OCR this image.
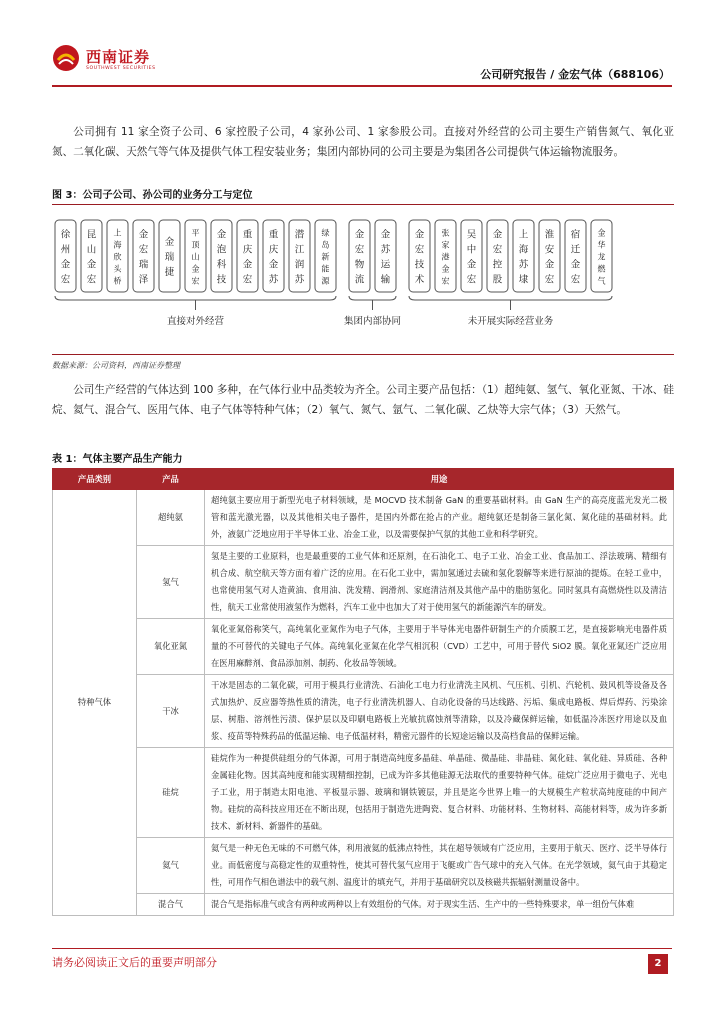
西南证券
SOUTHWEST SECURITIES	公司研究报告 / 金宏气体（688106）

公司拥有 11 家全资子公司、6 家控股子公司，4 家孙公司、1 家参股公司。直接对外经营的公司主要生产销售氮气、氧化亚氮、二氧化碳、天然气等气体及提供气体工程安装业务；集团内部协同的公司主要是为集团各公司提供气体运输物流服务。

图 3：公司子公司、孙公司的业务分工与定位
徐州金宏
昆山金宏
上海欣头桥
金宏瑞泽
金瑞捷
平顶山金宏
金泡科技
重庆金宏
重庆金苏
潜江润苏
绿岛新能源
直接对外经营
金宏物流
金苏运输
集团内部协同
金宏技术
张家港金宏
吴中金宏
金宏控股
上海苏埭
淮安金宏
宿迁金宏
金华龙燃气
未开展实际经营业务
数据来源：公司资料，西南证券整理

公司生产经营的气体达到 100 多种，在气体行业中品类较为齐全。公司主要产品包括：（1）超纯氨、氢气、氧化亚氮、干冰、硅烷、氦气、混合气、医用气体、电子气体等特种气体；（2）氧气、氮气、氩气、二氧化碳、乙炔等大宗气体；（3）天然气。

表 1：气体主要产品生产能力
产品类别	产品	用途
特种气体	超纯氨	超纯氨主要应用于新型光电子材料领域，是 MOCVD 技术制备 GaN 的重要基础材料。由 GaN 生产的高亮度蓝光发光二极管和蓝光激光器，以及其他相关电子器件，是国内外都在抢占的产业。超纯氨还是制备三氯化氮、氮化硅的基础材料。此外，液氨广泛地应用于半导体工业、冶金工业，以及需要保护气氛的其他工业和科学研究。
	氢气	氢是主要的工业原料，也是最重要的工业气体和还原剂，在石油化工、电子工业、冶金工业、食品加工、浮法玻璃、精细有机合成、航空航天等方面有着广泛的应用。在石化工业中，需加氢通过去硫和氢化裂解等来进行原油的提炼。在轻工业中，也常使用氢气对人造黄油、食用油、洗发精、润滑剂、家庭清洁剂及其他产品中的脂肪氢化。同时氢具有高燃烧性以及清洁性，航天工业常使用液氢作为燃料，汽车工业中也加大了对于使用氢气的新能源汽车的研发。
	氧化亚氮	氧化亚氮俗称笑气，高纯氧化亚氮作为电子气体，主要用于半导体光电器件研制生产的介质膜工艺，是直接影响光电器件质量的不可替代的关键电子气体。高纯氧化亚氮在化学气相沉积（CVD）工艺中，可用于替代 SiO2 膜。氧化亚氮还广泛应用在医用麻醉剂、食品添加剂、制药、化妆品等领域。
	干冰	干冰是固态的二氧化碳，可用于模具行业清洗、石油化工电力行业清洗主风机、气压机、引机、汽轮机、鼓风机等设备及各式加热炉、反应器等热性质的清洗，电子行业清洗机器人、自动化设备的马达线路、污垢、集成电路板、焊后焊药、污染涂层、树脂、溶剂性污渍、保护层以及印刷电路板上光敏抗腐蚀剂等清除，以及冷藏保鲜运输，如低温冷冻医疗用途以及血浆、疫苗等特殊药品的低温运输、电子低温材料，精密元器件的长短途运输以及高档食品的保鲜运输。
	硅烷	硅烷作为一种提供硅组分的气体源，可用于制造高纯度多晶硅、单晶硅、微晶硅、非晶硅、氮化硅、氧化硅、异质硅、各种金属硅化物。因其高纯度和能实现精细控制，已成为许多其他硅源无法取代的重要特种气体。硅烷广泛应用于微电子、光电子工业，用于制造太阳电池、平板显示器、玻璃和钢铁镀层，并且是迄今世界上唯一的大规模生产粒状高纯度硅的中间产物。硅烷的高科技应用还在不断出现，包括用于制造先进陶瓷、复合材料、功能材料、生物材料、高能材料等，成为许多新技术、新材料、新器件的基础。
	氦气	氦气是一种无色无味的不可燃气体，利用液氦的低沸点特性，其在超导领域有广泛应用，主要用于航天、医疗、泛半导体行业。而低密度与高稳定性的双重特性，使其可替代氢气应用于飞艇或广告气球中的充入气体。在光学领域，氦气由于其稳定性，可用作气相色谱法中的载气剂、温度计的填充气，并用于基础研究以及核磁共振辐射测量设备中。
	混合气	混合气是指标准气或含有两种或两种以上有效组份的气体。对于现实生活、生产中的一些特殊要求，单一组份气体难
请务必阅读正文后的重要声明部分	2
